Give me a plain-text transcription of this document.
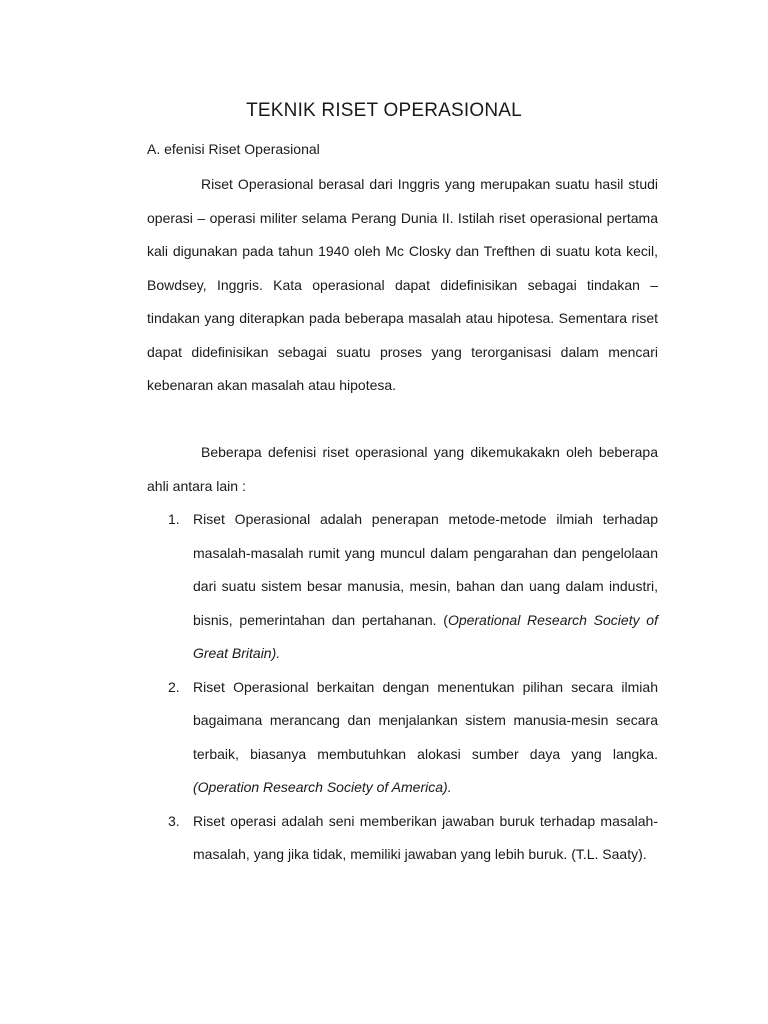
TEKNIK RISET OPERASIONAL
A. efenisi Riset Operasional
Riset Operasional berasal dari Inggris yang merupakan suatu hasil studi operasi – operasi militer selama Perang Dunia II. Istilah riset operasional pertama kali digunakan pada tahun 1940 oleh Mc Closky dan Trefthen di suatu kota kecil, Bowdsey, Inggris. Kata operasional dapat didefinisikan sebagai tindakan – tindakan yang diterapkan pada beberapa masalah atau hipotesa. Sementara riset dapat didefinisikan sebagai suatu proses yang terorganisasi dalam mencari kebenaran akan masalah atau hipotesa.
Beberapa defenisi riset operasional yang dikemukakakn oleh beberapa ahli antara lain :
1. Riset Operasional adalah penerapan metode-metode ilmiah terhadap masalah-masalah rumit yang muncul dalam pengarahan dan pengelolaan dari suatu sistem besar manusia, mesin, bahan dan uang dalam industri, bisnis, pemerintahan dan pertahanan. (Operational Research Society of Great Britain).
2. Riset Operasional berkaitan dengan menentukan pilihan secara ilmiah bagaimana merancang dan menjalankan sistem manusia-mesin secara terbaik, biasanya membutuhkan alokasi sumber daya yang langka. (Operation Research Society of America).
3. Riset operasi adalah seni memberikan jawaban buruk terhadap masalah-masalah, yang jika tidak, memiliki jawaban yang lebih buruk. (T.L. Saaty).
